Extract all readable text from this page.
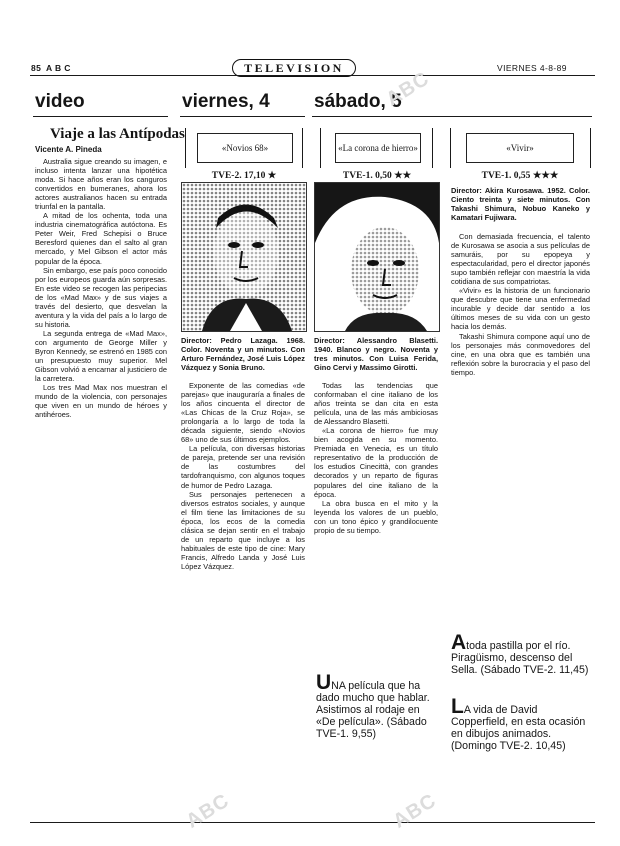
85 A B C	TELEVISION	VIERNES 4-8-89
video
Viaje a las Antípodas
Vicente A. Pineda

Australia sigue creando su imagen, e incluso intenta lanzar una hipotética moda. Si hace años eran los canguros convertidos en bumeranes, ahora los actores australianos hacen su entrada triunfal en la pantalla.

A mitad de los ochenta, toda una industria cinematográfica autóctona. Es Peter Weir, Fred Schepisi o Bruce Beresford quienes dan el salto al gran mercado, y Mel Gibson el actor más popular de la época.

Sin embargo, ese país poco conocido por los europeos guarda aún sorpresas. En este video se recogen las peripecias de los «Mad Max» y de sus viajes a través del desierto, que desvelan la aventura y la vida del país a lo largo de su historia.

La segunda entrega de «Mad Max», con argumento de George Miller y Byron Kennedy, se estrenó en 1985 con un presupuesto muy superior. Mel Gibson volvió a encarnar al justiciero de la carretera.

Los tres Mad Max nos muestran el mundo de la violencia, con personajes que viven en un mundo de héroes y antihéroes.

viernes, 4
«Novios 68»
TVE-2. 17,10 ★
Director: Pedro Lazaga. 1968. Color. Noventa y un minutos. Con Arturo Fernández, José Luis López Vázquez y Sonia Bruno.

Exponente de las comedias «de parejas» que inauguraría a finales de los años cincuenta el director de «Las Chicas de la Cruz Roja», se prolongaría a lo largo de toda la década siguiente, siendo «Novios 68» uno de sus últimos ejemplos.

La película, con diversas historias de pareja, pretende ser una revisión de las costumbres del tardofranquismo, con algunos toques de humor de Pedro Lazaga.

Sus personajes pertenecen a diversos estratos sociales, y aunque el film tiene las limitaciones de su época, los ecos de la comedia clásica se dejan sentir en el trabajo de un reparto que incluye a los habituales de este tipo de cine: Mary Francis, Alfredo Landa y José Luis López Vázquez.

sábado, 5
«La corona de hierro»
TVE-1. 0,50 ★★
Director: Alessandro Blasetti. 1940. Blanco y negro. Noventa y tres minutos. Con Luisa Ferida, Gino Cervi y Massimo Girotti.

Todas las tendencias que conformaban el cine italiano de los años treinta se dan cita en esta película, una de las más ambiciosas de Alessandro Blasetti.

«La corona de hierro» fue muy bien acogida en su momento. Premiada en Venecia, es un título representativo de la producción de los estudios Cinecittà, con grandes decorados y un reparto de figuras populares del cine italiano de la época.

La obra busca en el mito y la leyenda los valores de un pueblo, con un tono épico y grandilocuente propio de su tiempo.

UNA película que ha dado mucho que hablar. Asistimos al rodaje en «De película». (Sábado TVE-1. 9,55)
«Vivir»
TVE-1. 0,55 ★★★
Director: Akira Kurosawa. 1952. Color. Ciento treinta y siete minutos. Con Takashi Shimura, Nobuo Kaneko y Kamatari Fujiwara.

Con demasiada frecuencia, el talento de Kurosawa se asocia a sus películas de samuráis, por su epopeya y espectacularidad, pero el director japonés supo también reflejar con maestría la vida cotidiana de sus compatriotas.

«Vivir» es la historia de un funcionario que descubre que tiene una enfermedad incurable y decide dar sentido a los últimos meses de su vida con un gesto hacia los demás.

Takashi Shimura compone aquí uno de los personajes más conmovedores del cine, en una obra que es también una reflexión sobre la burocracia y el paso del tiempo.

Atoda pastilla por el río. Piragüismo, descenso del Sella. (Sábado TVE-2. 11,45)
LA vida de David Copperfield, en esta ocasión en dibujos animados. (Domingo TVE-2. 10,45)
ABC
ABC	ABC
